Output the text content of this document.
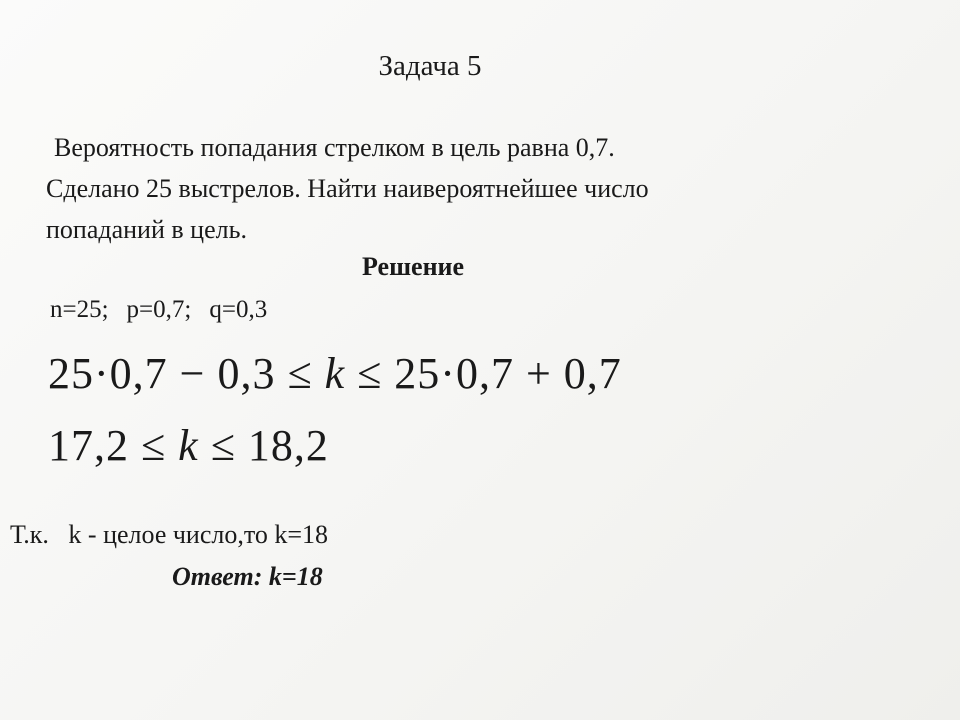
Задача 5
Вероятность попадания стрелком в цель равна 0,7.
Сделано 25 выстрелов. Найти наивероятнейшее число
попаданий в цель.
Решение
n=25; p=0,7; q=0,3
25·0,7 − 0,3 ≤ k ≤ 25·0,7 + 0,7
17,2 ≤ k ≤ 18,2
Т.к.   k - целое число,то k=18
Ответ: k=18
